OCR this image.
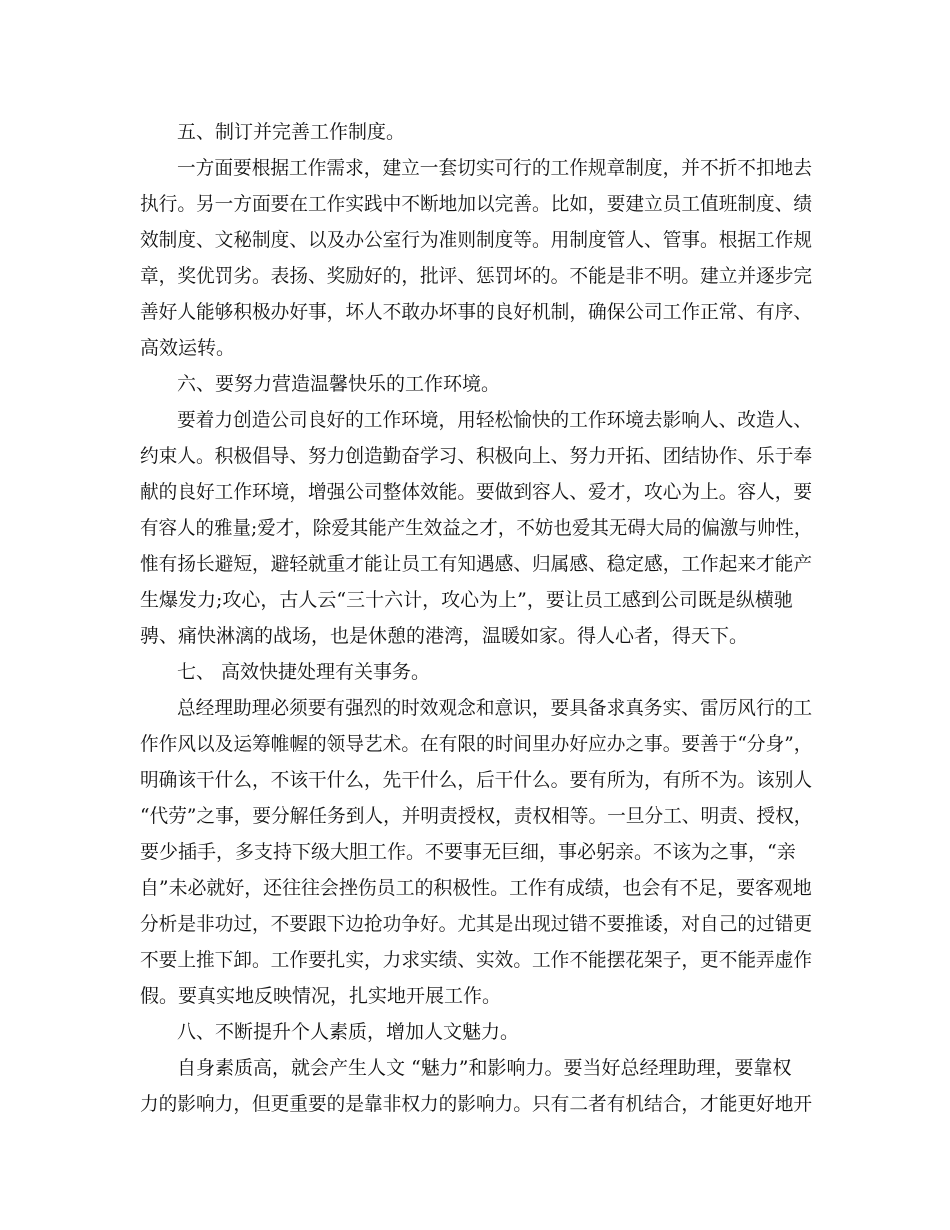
五、制订并完善工作制度。
一方面要根据工作需求，建立一套切实可行的工作规章制度，并不折不扣地去
执行。另一方面要在工作实践中不断地加以完善。比如，要建立员工值班制度、绩
效制度、文秘制度、以及办公室行为准则制度等。用制度管人、管事。根据工作规
章，奖优罚劣。表扬、奖励好的，批评、惩罚坏的。不能是非不明。建立并逐步完
善好人能够积极办好事，坏人不敢办坏事的良好机制，确保公司工作正常、有序、
高效运转。
六、要努力营造温馨快乐的工作环境。
要着力创造公司良好的工作环境，用轻松愉快的工作环境去影响人、改造人、
约束人。积极倡导、努力创造勤奋学习、积极向上、努力开拓、团结协作、乐于奉
献的良好工作环境，增强公司整体效能。要做到容人、爱才，攻心为上。容人，要
有容人的雅量;爱才，除爱其能产生效益之才，不妨也爱其无碍大局的偏激与帅性，
惟有扬长避短，避轻就重才能让员工有知遇感、归属感、稳定感，工作起来才能产
生爆发力;攻心，古人云“三十六计，攻心为上”，要让员工感到公司既是纵横驰
骋、痛快淋漓的战场，也是休憩的港湾，温暖如家。得人心者，得天下。
七、 高效快捷处理有关事务。
总经理助理必须要有强烈的时效观念和意识，要具备求真务实、雷厉风行的工
作作风以及运筹帷幄的领导艺术。在有限的时间里办好应办之事。要善于“分身”，
明确该干什么，不该干什么，先干什么，后干什么。要有所为，有所不为。该别人
“代劳”之事，要分解任务到人，并明责授权，责权相等。一旦分工、明责、授权，
要少插手，多支持下级大胆工作。不要事无巨细，事必躬亲。不该为之事，“亲
自”未必就好，还往往会挫伤员工的积极性。工作有成绩，也会有不足，要客观地
分析是非功过，不要跟下边抢功争好。尤其是出现过错不要推诿，对自己的过错更
不要上推下卸。工作要扎实，力求实绩、实效。工作不能摆花架子，更不能弄虚作
假。要真实地反映情况，扎实地开展工作。
八、不断提升个人素质，增加人文魅力。
自身素质高，就会产生人文 “魅力”和影响力。要当好总经理助理，要靠权
力的影响力，但更重要的是靠非权力的影响力。只有二者有机结合，才能更好地开
